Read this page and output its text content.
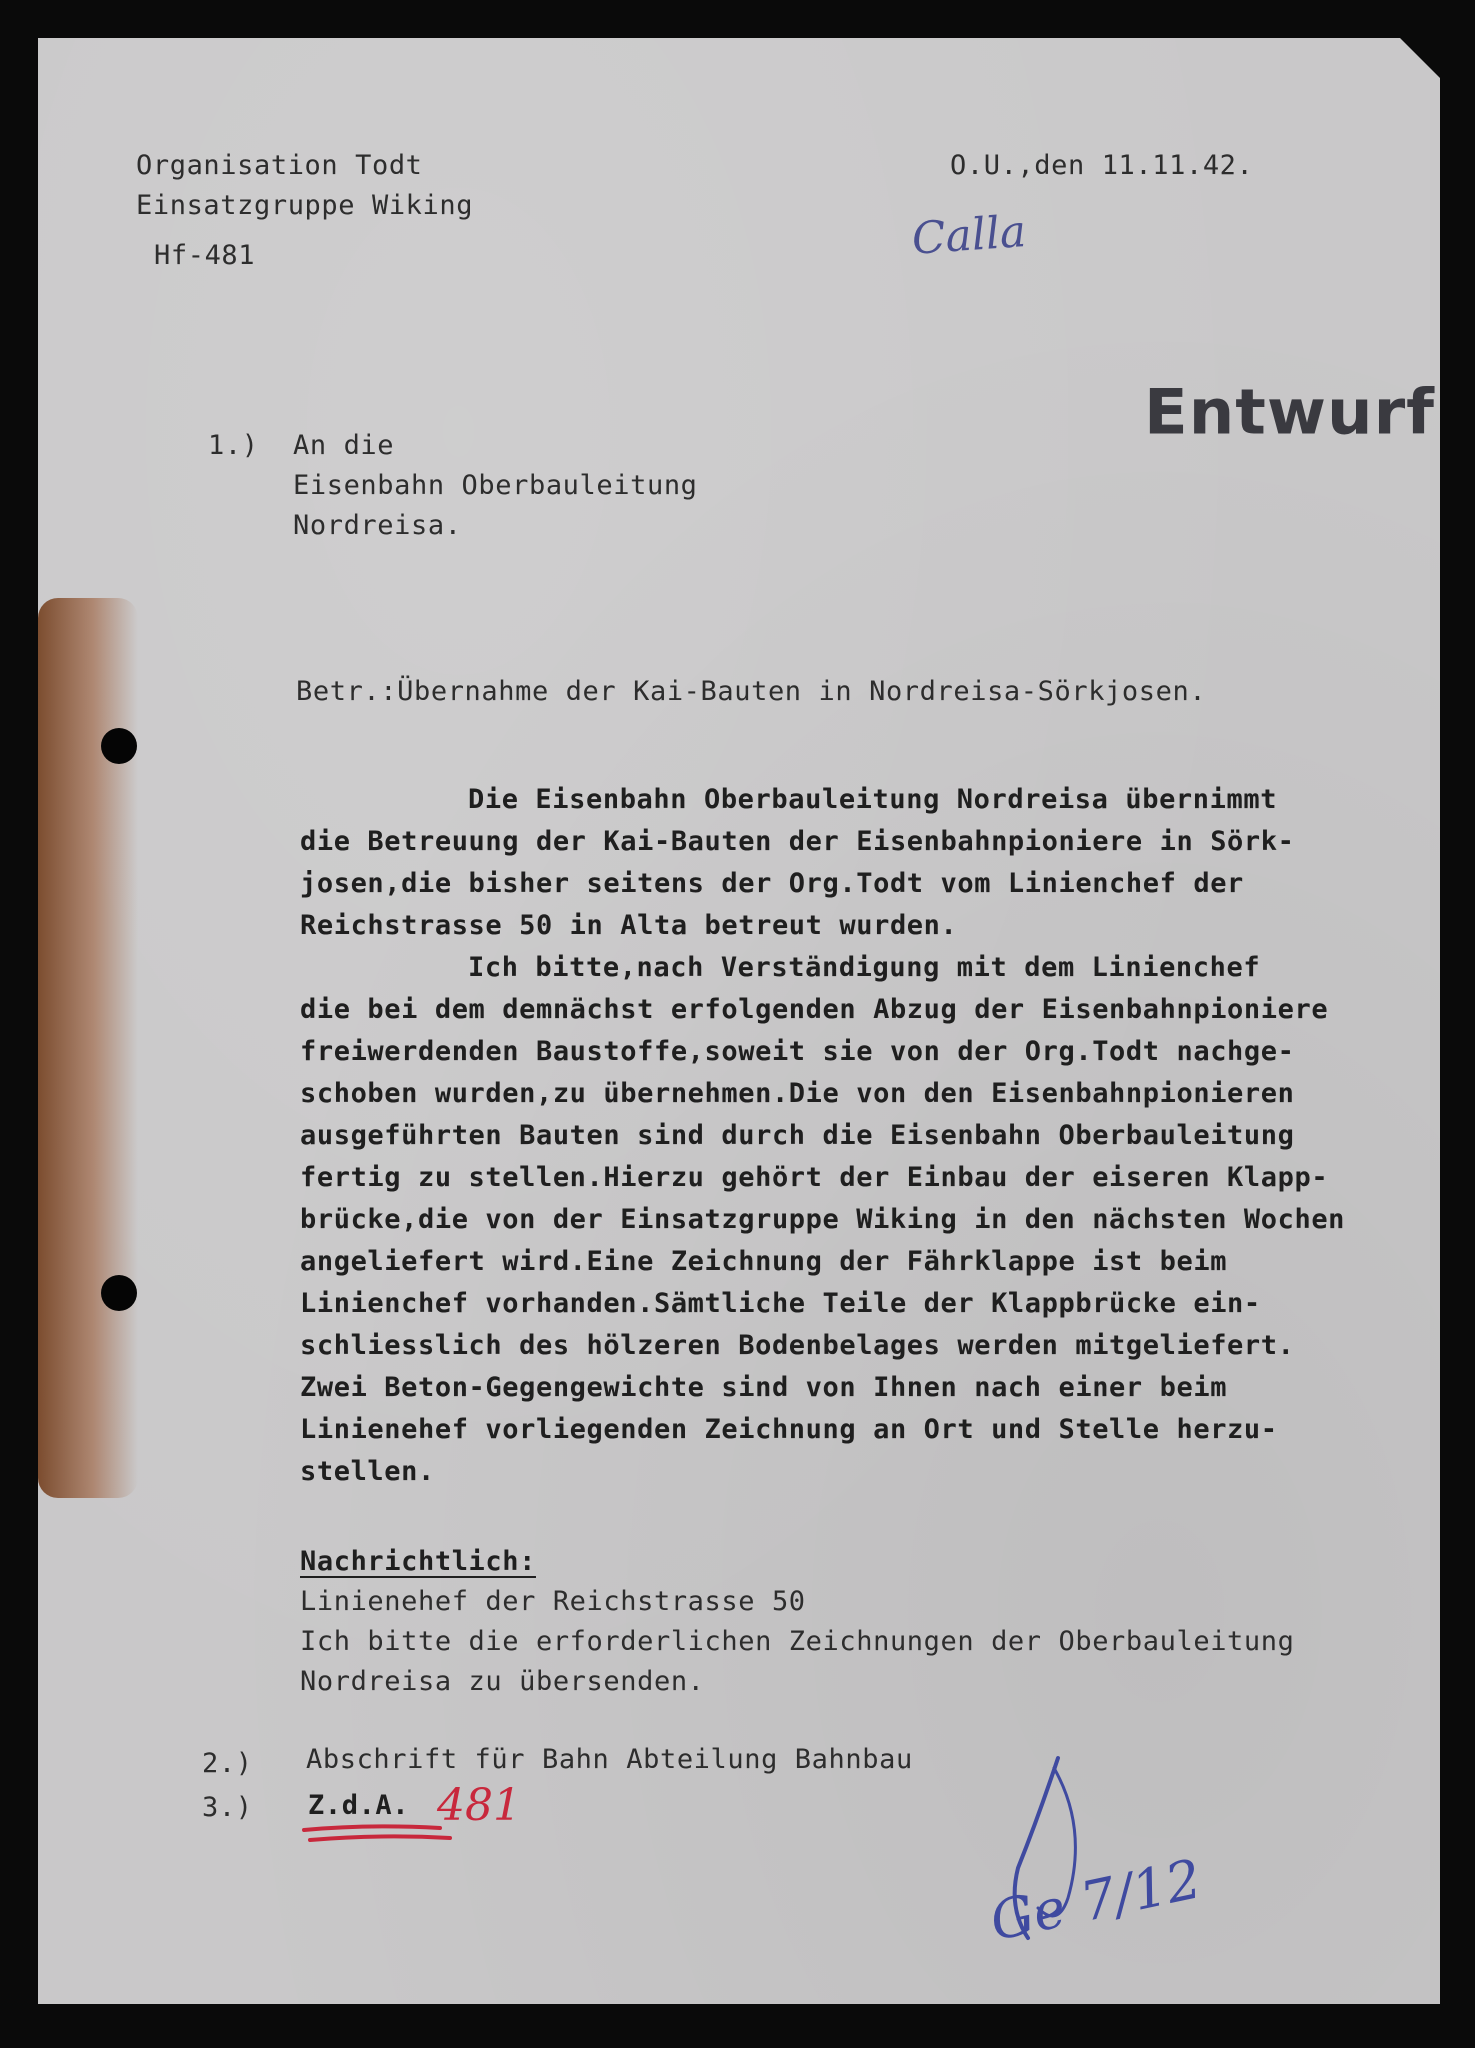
Organisation Todt

Einsatzgruppe Wiking

Hf-481

O.U.,den 11.11.42.

Calla
Entwurf

1.) An die

Eisenbahn Oberbauleitung

Nordreisa.

Betr.:Übernahme der Kai-Bauten in Nordreisa-Sörkjosen.

Die Eisenbahn Oberbauleitung Nordreisa übernimmt

die Betreuung der Kai-Bauten der Eisenbahnpioniere in Sörk-

josen,die bisher seitens der Org.Todt vom Linienchef der

Reichstrasse 50 in Alta betreut wurden.

Ich bitte,nach Verständigung mit dem Linienchef

die bei dem demnächst erfolgenden Abzug der Eisenbahnpioniere

freiwerdenden Baustoffe,soweit sie von der Org.Todt nachge-

schoben wurden,zu übernehmen.Die von den Eisenbahnpionieren

ausgeführten Bauten sind durch die Eisenbahn Oberbauleitung

fertig zu stellen.Hierzu gehört der Einbau der eiseren Klapp-

brücke,die von der Einsatzgruppe Wiking in den nächsten Wochen

angeliefert wird.Eine Zeichnung der Fährklappe ist beim

Linienchef vorhanden.Sämtliche Teile der Klappbrücke ein-

schliesslich des hölzeren Bodenbelages werden mitgeliefert.

Zwei Beton-Gegengewichte sind von Ihnen nach einer beim

Linienehef vorliegenden Zeichnung an Ort und Stelle herzu-

stellen.

Nachrichtlich:

Linienehef der Reichstrasse 50

Ich bitte die erforderlichen Zeichnungen der Oberbauleitung

Nordreisa zu übersenden.

2.) Abschrift für Bahn Abteilung Bahnbau

3.) Z.d.A. 481
Ge 7/12
